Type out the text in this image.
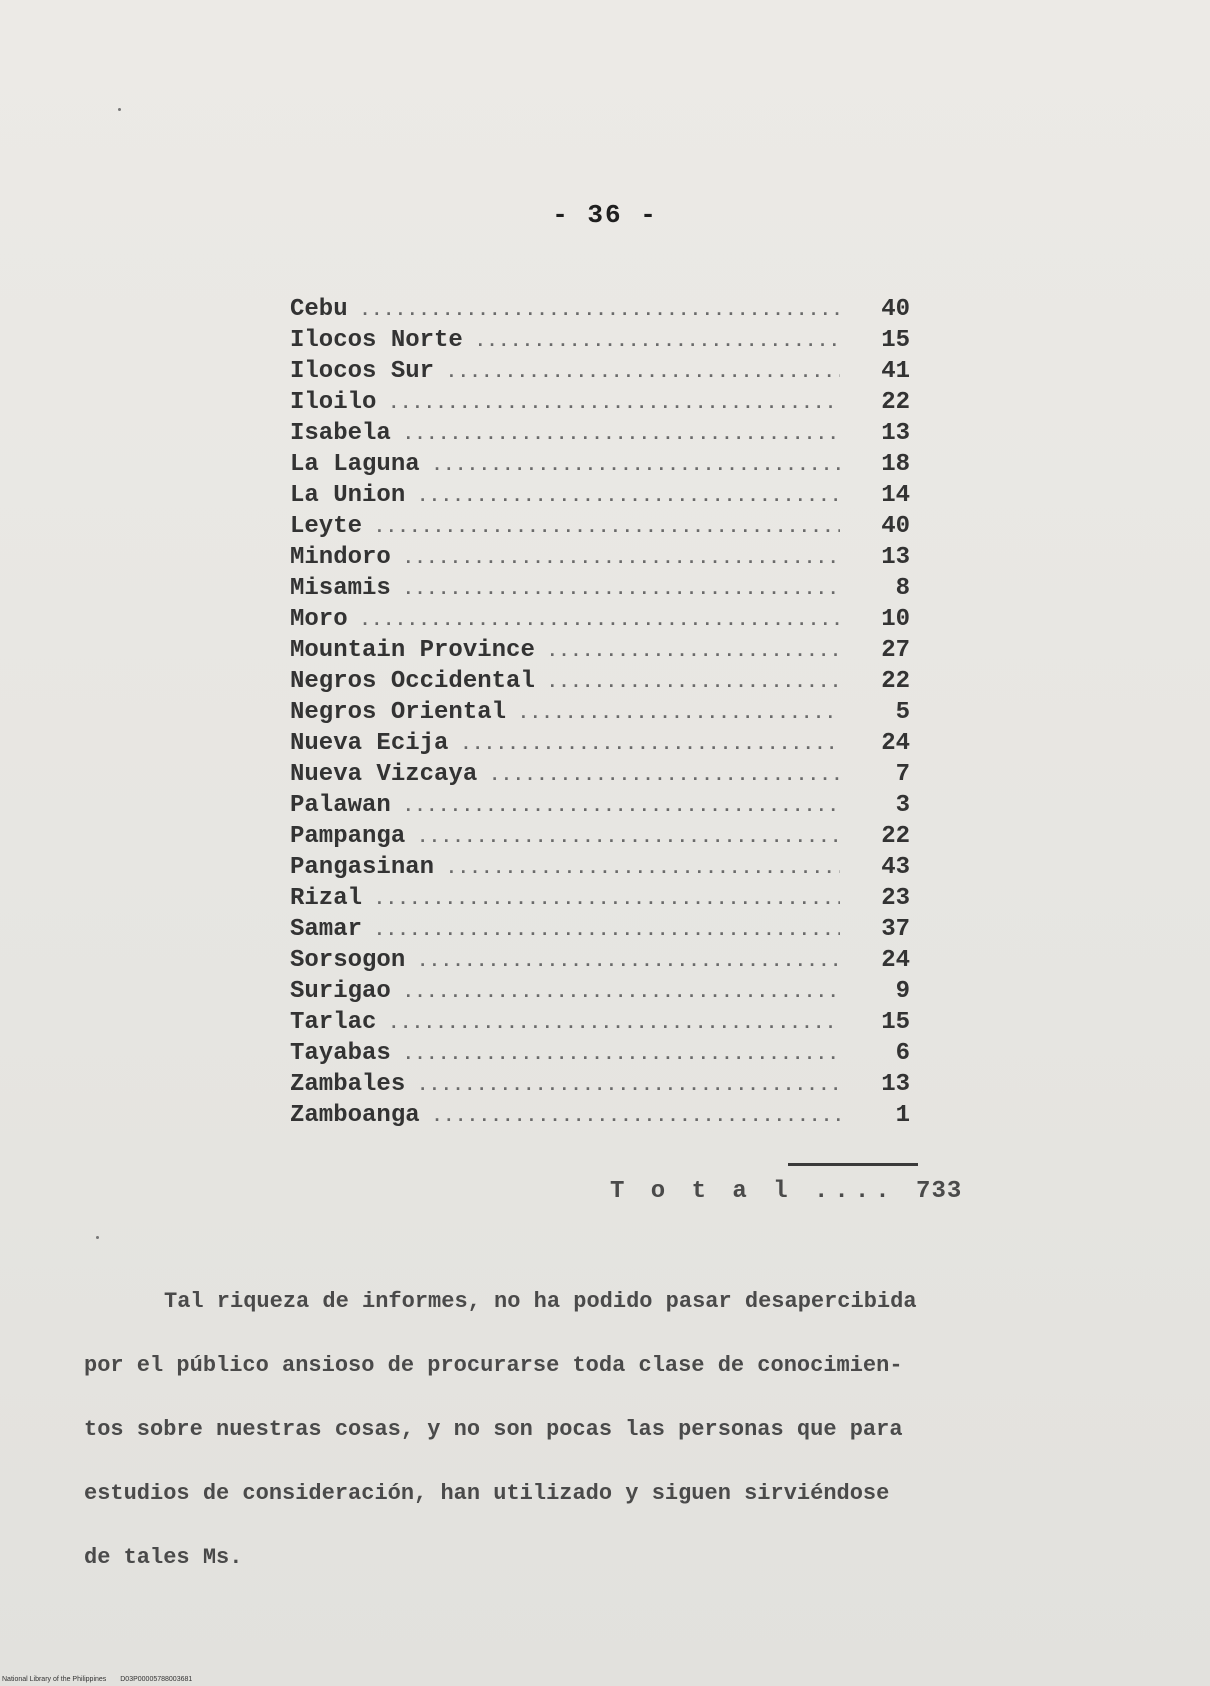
- 36 -
Cebu .....	40
Ilocos Norte .....	15
Ilocos Sur .....	41
Iloilo .....	22
Isabela .....	13
La Laguna .....	18
La Union .....	14
Leyte .....	40
Mindoro .....	13
Misamis .....	8
Moro .....	10
Mountain Province .....	27
Negros Occidental .....	22
Negros Oriental .....	5
Nueva Ecija .....	24
Nueva Vizcaya .....	7
Palawan .....	3
Pampanga .....	22
Pangasinan .....	43
Rizal .....	23
Samar .....	37
Sorsogon .....	24
Surigao .....	9
Tarlac .....	15
Tayabas .....	6
Zambales .....	13
Zamboanga .....	1
T o t a l .... 733
Tal riqueza de informes, no ha podido pasar desapercibida
por el público ansioso de procurarse toda clase de conocimien-
tos sobre nuestras cosas, y no son pocas las personas que para
estudios de consideración, han utilizado y siguen sirviéndose
de tales Ms.
National Library of the Philippines D03P00005788003681
